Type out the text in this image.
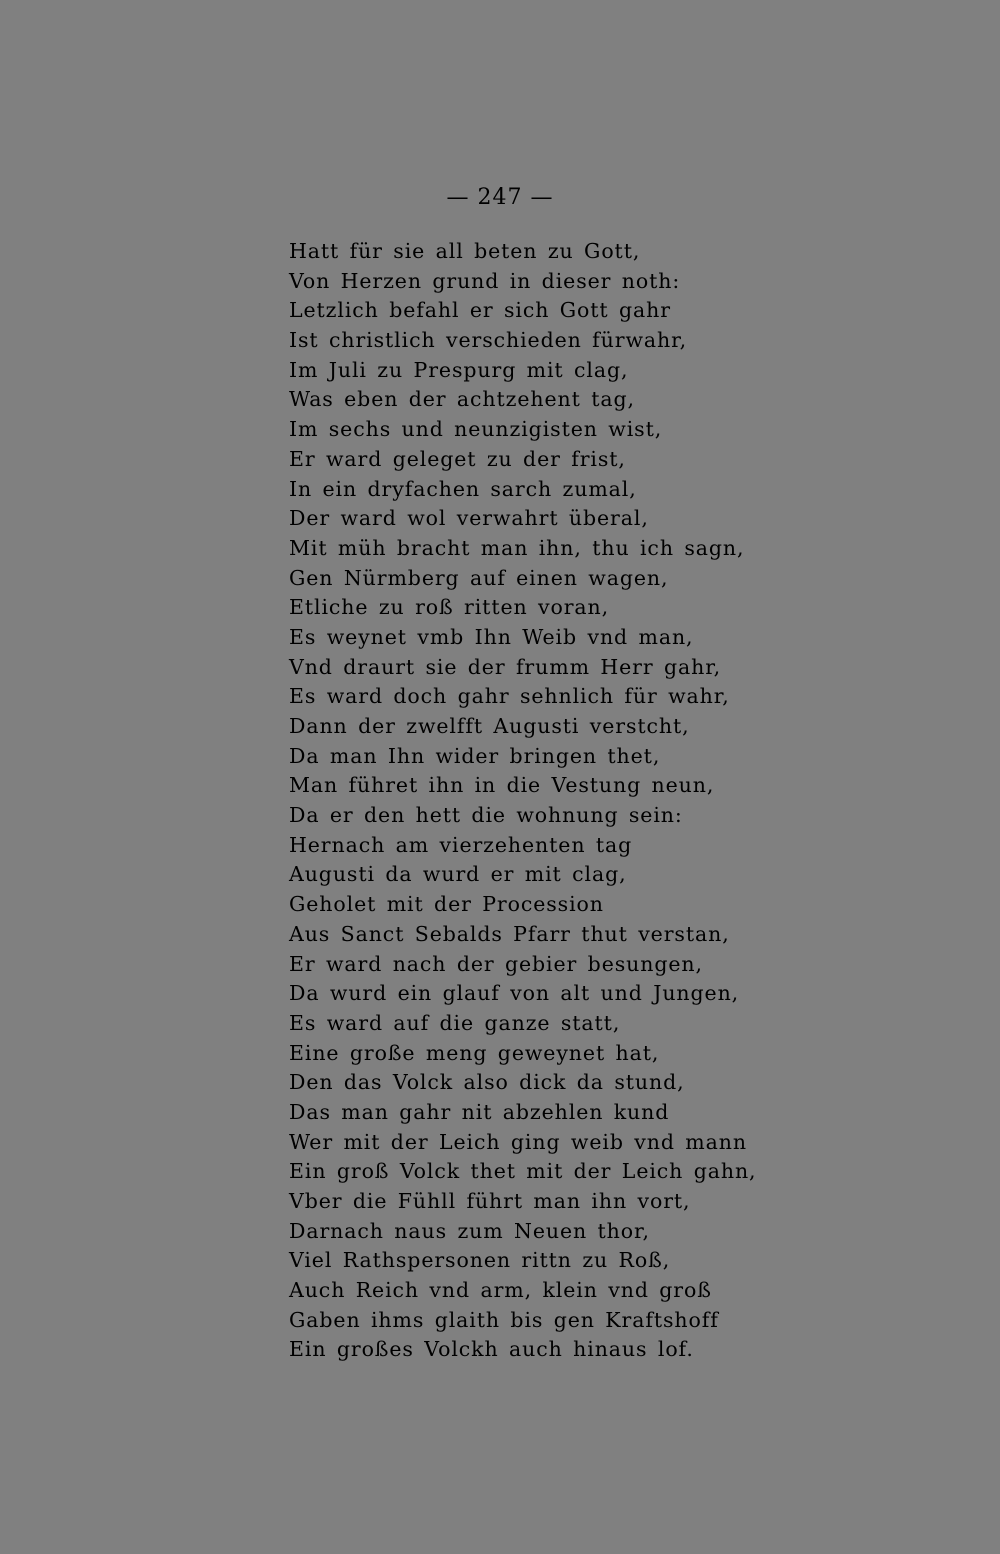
— 247 —
Hatt für sie all beten zu Gott,
Von Herzen grund in dieser noth:
Letzlich befahl er sich Gott gahr
Ist christlich verschieden fürwahr,
Im Juli zu Prespurg mit clag,
Was eben der achtzehent tag,
Im sechs und neunzigisten wist,
Er ward geleget zu der frist,
In ein dryfachen sarch zumal,
Der ward wol verwahrt überal,
Mit müh bracht man ihn, thu ich sagn,
Gen Nürmberg auf einen wagen,
Etliche zu roß ritten voran,
Es weynet vmb Ihn Weib vnd man,
Vnd draurt sie der frumm Herr gahr,
Es ward doch gahr sehnlich für wahr,
Dann der zwelfft Augusti verstcht,
Da man Ihn wider bringen thet,
Man führet ihn in die Vestung neun,
Da er den hett die wohnung sein:
Hernach am vierzehenten tag
Augusti da wurd er mit clag,
Geholet mit der Procession
Aus Sanct Sebalds Pfarr thut verstan,
Er ward nach der gebier besungen,
Da wurd ein glauf von alt und Jungen,
Es ward auf die ganze statt,
Eine große meng geweynet hat,
Den das Volck also dick da stund,
Das man gahr nit abzehlen kund
Wer mit der Leich ging weib vnd mann
Ein groß Volck thet mit der Leich gahn,
Vber die Fühll führt man ihn vort,
Darnach naus zum Neuen thor,
Viel Rathspersonen rittn zu Roß,
Auch Reich vnd arm, klein vnd groß
Gaben ihms glaith bis gen Kraftshoff
Ein großes Volckh auch hinaus lof.
